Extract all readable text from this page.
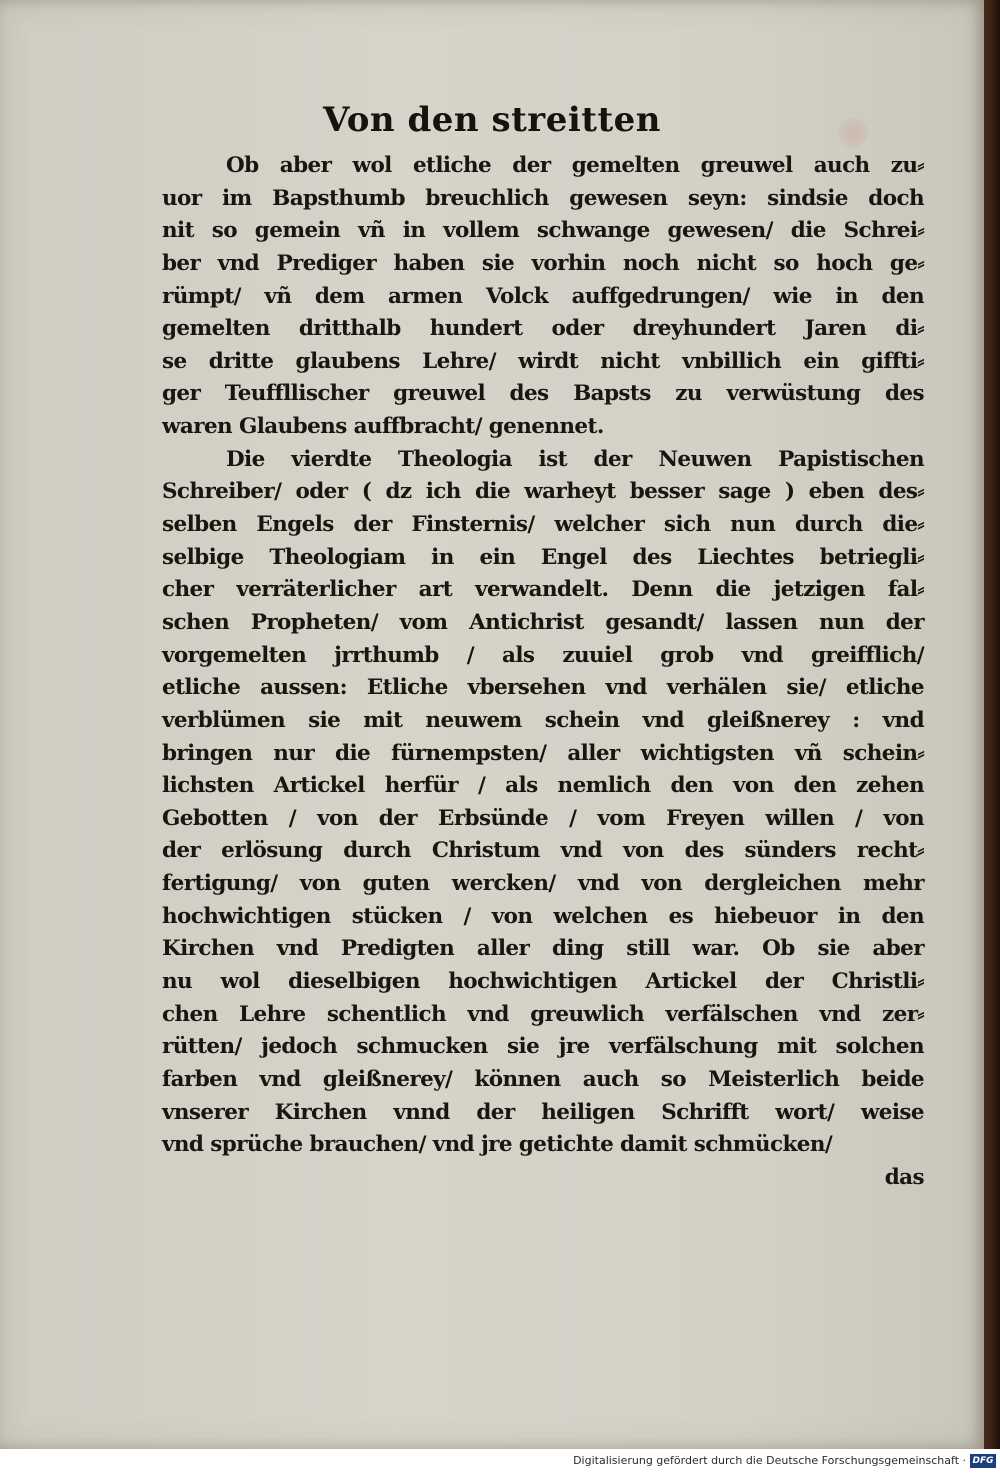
Von den streitten
Ob aber wol etliche der gemelten greuwel auch zu⸗
uor im Bapsthumb breuchlich gewesen seyn: sindsie doch
nit so gemein vñ in vollem schwange gewesen/ die Schrei⸗
ber vnd Prediger haben sie vorhin noch nicht so hoch ge⸗
rümpt/ vñ dem armen Volck auffgedrungen/ wie in den
gemelten dritthalb hundert oder dreyhundert Jaren di⸗
se dritte glaubens Lehre/ wirdt nicht vnbillich ein giffti⸗
ger Teuffllischer greuwel des Bapsts zu verwüstung des
waren Glaubens auffbracht/ genennet.
Die vierdte Theologia ist der Neuwen Papistischen
Schreiber/ oder ( dz ich die warheyt besser sage ) eben des⸗
selben Engels der Finsternis/ welcher sich nun durch die⸗
selbige Theologiam in ein Engel des Liechtes betriegli⸗
cher verräterlicher art verwandelt. Denn die jetzigen fal⸗
schen Propheten/ vom Antichrist gesandt/ lassen nun der
vorgemelten jrrthumb / als zuuiel grob vnd greifflich/
etliche aussen: Etliche vbersehen vnd verhälen sie/ etliche
verblümen sie mit neuwem schein vnd gleißnerey : vnd
bringen nur die fürnempsten/ aller wichtigsten vñ schein⸗
lichsten Artickel herfür / als nemlich den von den zehen
Gebotten / von der Erbsünde / vom Freyen willen / von
der erlösung durch Christum vnd von des sünders recht⸗
fertigung/ von guten wercken/ vnd von dergleichen mehr
hochwichtigen stücken / von welchen es hiebeuor in den
Kirchen vnd Predigten aller ding still war. Ob sie aber
nu wol dieselbigen hochwichtigen Artickel der Christli⸗
chen Lehre schentlich vnd greuwlich verfälschen vnd zer⸗
rütten/ jedoch schmucken sie jre verfälschung mit solchen
farben vnd gleißnerey/ können auch so Meisterlich beide
vnserer Kirchen vnnd der heiligen Schrifft wort/ weise
vnd sprüche brauchen/ vnd jre getichte damit schmücken/
das
Digitalisierung gefördert durch die Deutsche Forschungsgemeinschaft · DFG
